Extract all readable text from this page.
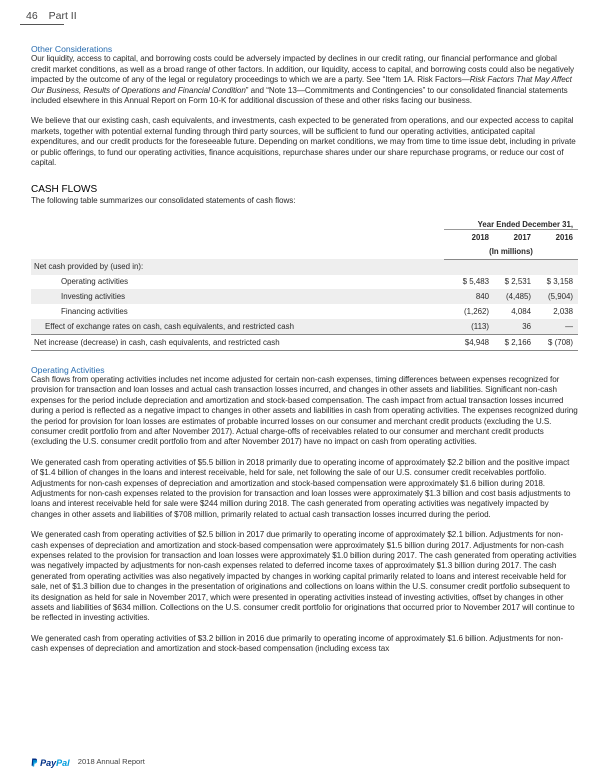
46 Part II
Other Considerations

Our liquidity, access to capital, and borrowing costs could be adversely impacted by declines in our credit rating, our financial performance and global credit market conditions, as well as a broad range of other factors. In addition, our liquidity, access to capital, and borrowing costs could also be negatively impacted by the outcome of any of the legal or regulatory proceedings to which we are a party. See “Item 1A. Risk Factors—Risk Factors That May Affect Our Business, Results of Operations and Financial Condition” and “Note 13—Commitments and Contingencies” to our consolidated financial statements included elsewhere in this Annual Report on Form 10-K for additional discussion of these and other risks facing our business.

We believe that our existing cash, cash equivalents, and investments, cash expected to be generated from operations, and our expected access to capital markets, together with potential external funding through third party sources, will be sufficient to fund our operating activities, anticipated capital expenditures, and our credit products for the foreseeable future. Depending on market conditions, we may from time to time issue debt, including in private or public offerings, to fund our operating activities, finance acquisitions, repurchase shares under our share repurchase programs, or reduce our cost of capital.

CASH FLOWS

The following table summarizes our consolidated statements of cash flows:

	Year Ended December 31,		
	2018	2017	2016
	(In millions)		
Net cash provided by (used in):			
Operating activities	$ 5,483	$ 2,531	$ 3,158
Investing activities	840	(4,485)	(5,904)
Financing activities	(1,262)	4,084	2,038
Effect of exchange rates on cash, cash equivalents, and restricted cash	(113)	36	—
Net increase (decrease) in cash, cash equivalents, and restricted cash	$4,948	$ 2,166	$ (708)
Operating Activities

Cash flows from operating activities includes net income adjusted for certain non-cash expenses, timing differences between expenses recognized for provision for transaction and loan losses and actual cash transaction losses incurred, and changes in other assets and liabilities. Significant non-cash expenses for the period include depreciation and amortization and stock-based compensation. The cash impact from actual transaction losses incurred during a period is reflected as a negative impact to changes in other assets and liabilities in cash from operating activities. The expenses recognized during the period for provision for loan losses are estimates of probable incurred losses on our consumer and merchant credit products (excluding the U.S. consumer credit portfolio from and after November 2017). Actual charge-offs of receivables related to our consumer and merchant credit products (excluding the U.S. consumer credit portfolio from and after November 2017) have no impact on cash from operating activities.

We generated cash from operating activities of $5.5 billion in 2018 primarily due to operating income of approximately $2.2 billion and the positive impact of $1.4 billion of changes in the loans and interest receivable, held for sale, net following the sale of our U.S. consumer credit receivables portfolio. Adjustments for non-cash expenses of depreciation and amortization and stock-based compensation were approximately $1.6 billion during 2018. Adjustments for non-cash expenses related to the provision for transaction and loan losses were approximately $1.3 billion and cost basis adjustments to loans and interest receivable held for sale were $244 million during 2018. The cash generated from operating activities was negatively impacted by changes in other assets and liabilities of $708 million, primarily related to actual cash transaction losses incurred during the period.

We generated cash from operating activities of $2.5 billion in 2017 due primarily to operating income of approximately $2.1 billion. Adjustments for non-cash expenses of depreciation and amortization and stock-based compensation were approximately $1.5 billion during 2017. Adjustments for non-cash expenses related to the provision for transaction and loan losses were approximately $1.0 billion during 2017. The cash generated from operating activities was negatively impacted by adjustments for non-cash expenses related to deferred income taxes of approximately $1.3 billion during 2017. The cash generated from operating activities was also negatively impacted by changes in working capital primarily related to loans and interest receivable held for sale, net of $1.3 billion due to changes in the presentation of originations and collections on loans within the U.S. consumer credit portfolio subsequent to its designation as held for sale in November 2017, which were presented in operating activities instead of investing activities, offset by changes in other assets and liabilities of $634 million. Collections on the U.S. consumer credit portfolio for originations that occurred prior to November 2017 will continue to be reflected in investing activities.

We generated cash from operating activities of $3.2 billion in 2016 due primarily to operating income of approximately $1.6 billion. Adjustments for non-cash expenses of depreciation and amortization and stock-based compensation (including excess tax

PayPal 2018 Annual Report
